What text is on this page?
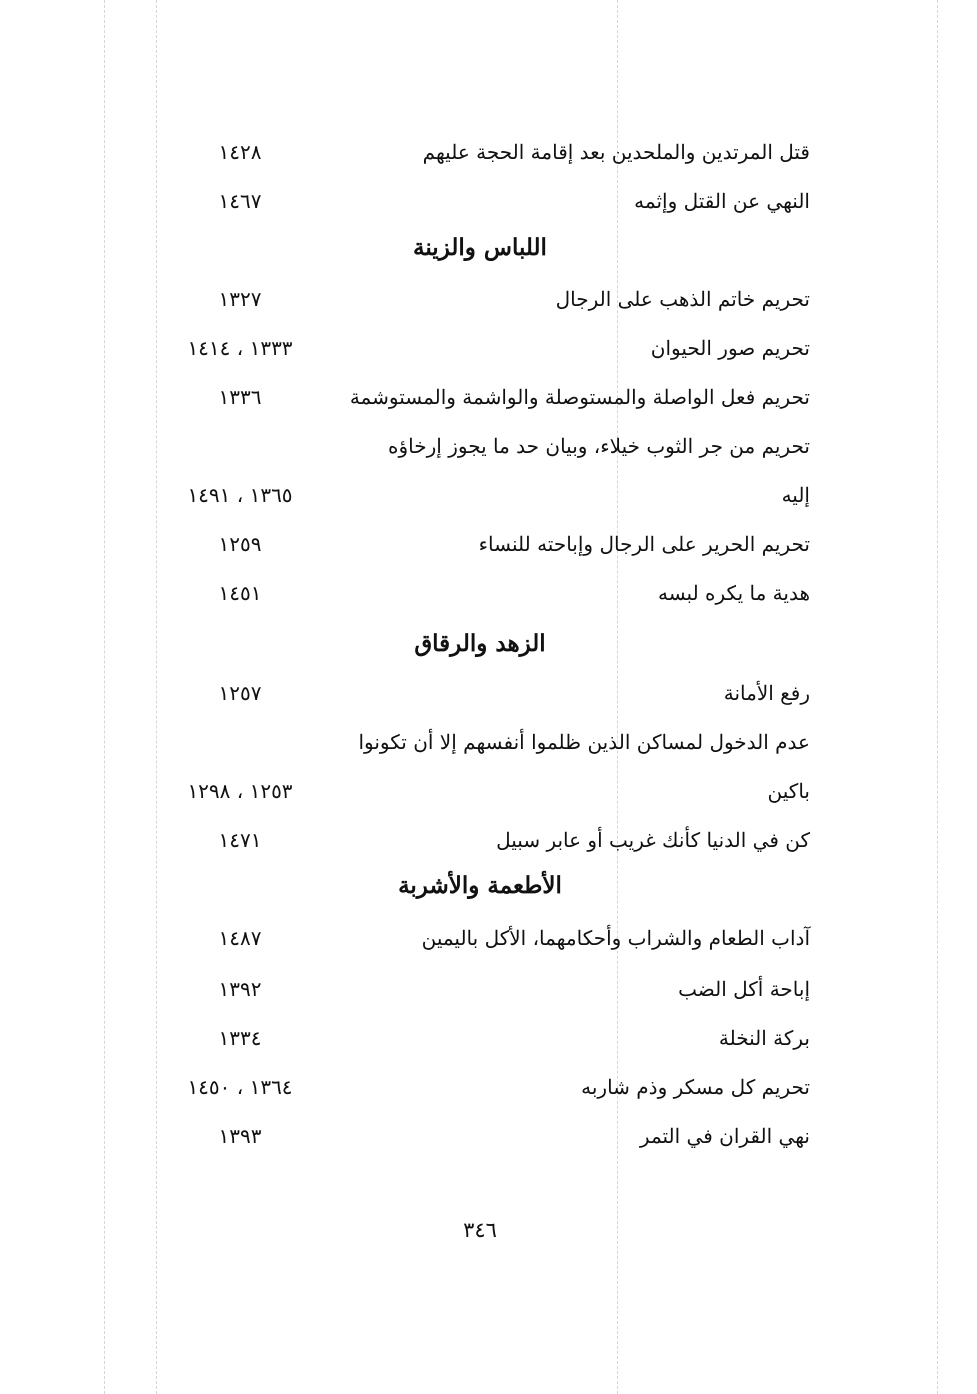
قتل المرتدين والملحدين بعد إقامة الحجة عليهم
١٤٢٨
النهي عن القتل وإثمه
١٤٦٧
اللباس والزينة
تحريم خاتم الذهب على الرجال
١٣٢٧
تحريم صور الحيوان
١٣٣٣ ، ١٤١٤
تحريم فعل الواصلة والمستوصلة والواشمة والمستوشمة
١٣٣٦
تحريم من جر الثوب خيلاء، وبيان حد ما يجوز إرخاؤه
إليه
١٣٦٥ ، ١٤٩١
تحريم الحرير على الرجال وإباحته للنساء
١٢٥٩
هدية ما يكره لبسه
١٤٥١
الزهد والرقاق
رفع الأمانة
١٢٥٧
عدم الدخول لمساكن الذين ظلموا أنفسهم إلا أن تكونوا
باكين
١٢٥٣ ، ١٢٩٨
كن في الدنيا كأنك غريب أو عابر سبيل
١٤٧١
الأطعمة والأشربة
آداب الطعام والشراب وأحكامهما، الأكل باليمين
١٤٨٧
إباحة أكل الضب
١٣٩٢
بركة النخلة
١٣٣٤
تحريم كل مسكر وذم شاربه
١٣٦٤ ، ١٤٥٠
نهي القران في التمر
١٣٩٣
٣٤٦
